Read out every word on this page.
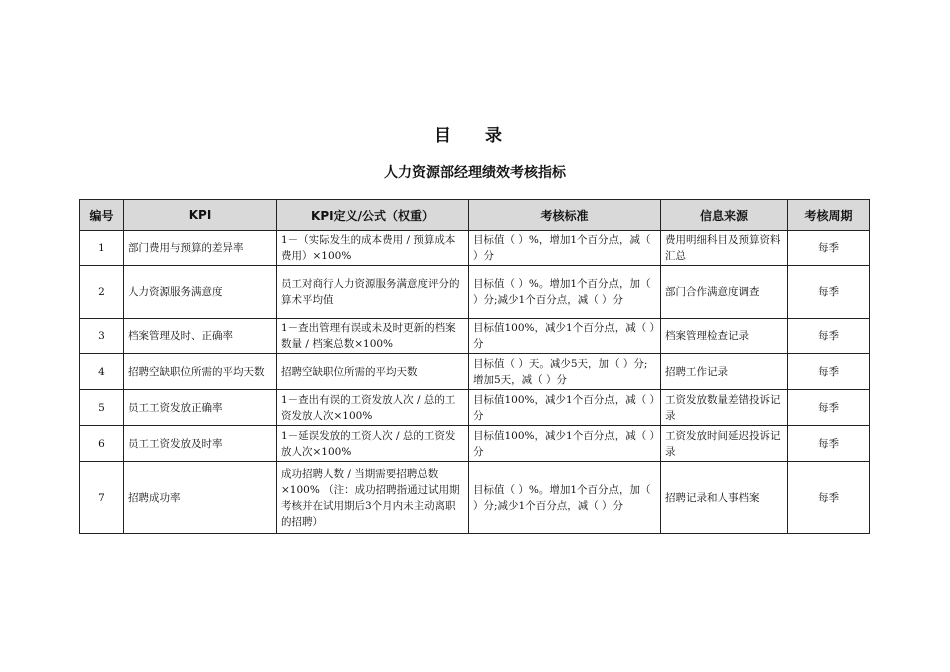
目 录
人力资源部经理绩效考核指标
编号	KPI	KPI定义/公式（权重）	考核标准	信息来源	考核周期
1	部门费用与预算的差异率	1－（实际发生的成本费用 / 预算成本费用）×100%	目标值（ ）%，增加1个百分点，减（ ）分	费用明细科目及预算资料汇总	每季
2	人力资源服务满意度	员工对商行人力资源服务满意度评分的算术平均值	目标值（ ）%。增加1个百分点，加（ ）分;减少1个百分点，减（ ）分	部门合作满意度调查	每季
3	档案管理及时、正确率	1－查出管理有误或未及时更新的档案数量 / 档案总数×100%	目标值100%，减少1个百分点，减（ ）分	档案管理检查记录	每季
4	招聘空缺职位所需的平均天数	招聘空缺职位所需的平均天数	目标值（ ）天。减少5天，加（ ）分; 增加5天，减（ ）分	招聘工作记录	每季
5	员工工资发放正确率	1－查出有误的工资发放人次 / 总的工资发放人次×100%	目标值100%，减少1个百分点，减（ ）分	工资发放数量差错投诉记录	每季
6	员工工资发放及时率	1－延误发放的工资人次 / 总的工资发放人次×100%	目标值100%，减少1个百分点，减（ ）分	工资发放时间延迟投诉记录	每季
7	招聘成功率	成功招聘人数 / 当期需要招聘总数×100% （注：成功招聘指通过试用期考核并在试用期后3个月内未主动离职的招聘）	目标值（ ）%。增加1个百分点，加（ ）分;减少1个百分点，减（ ）分	招聘记录和人事档案	每季
